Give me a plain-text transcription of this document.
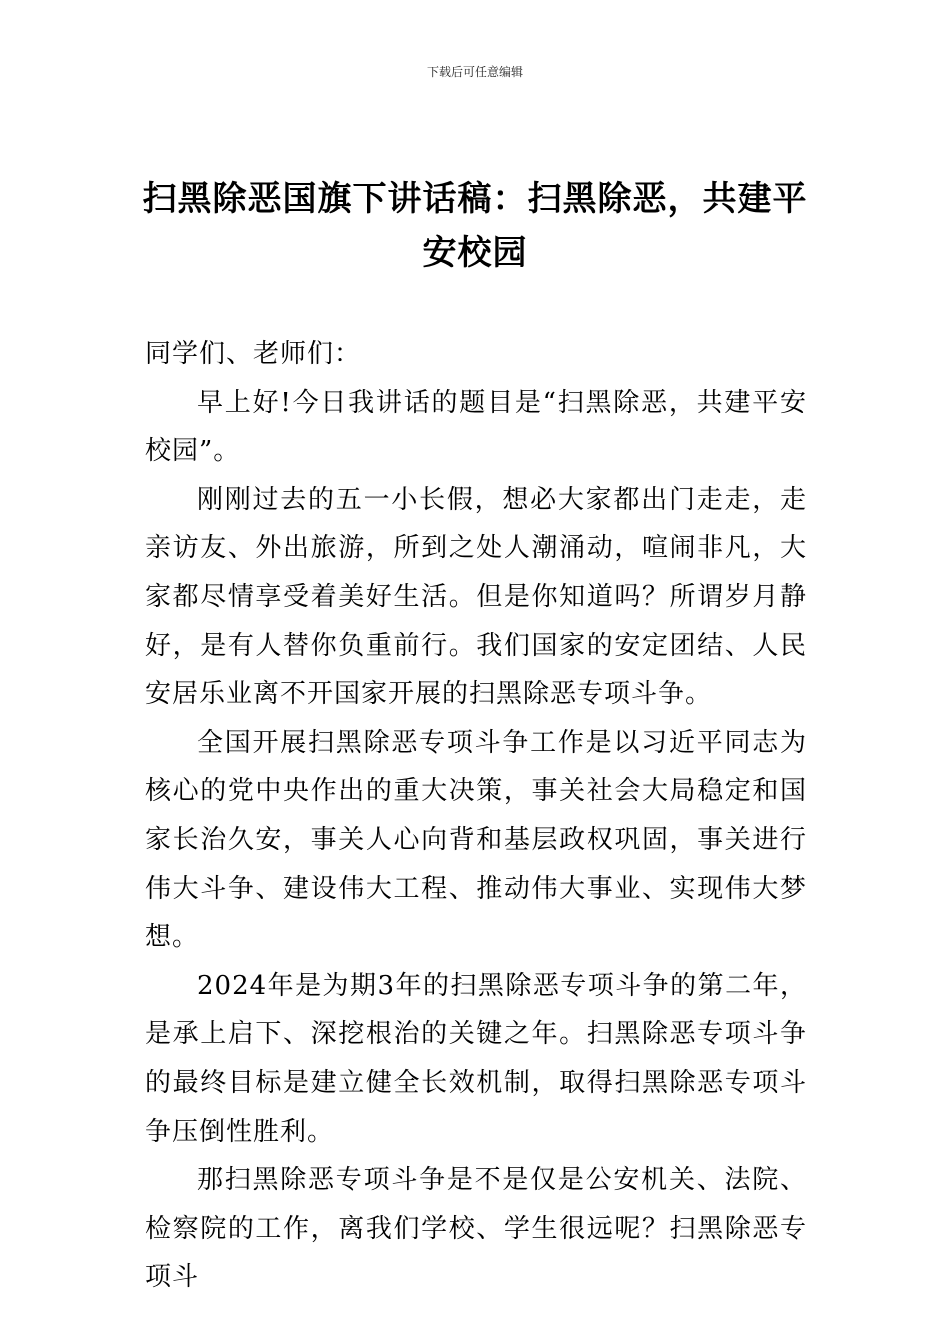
下载后可任意编辑
扫黑除恶国旗下讲话稿：扫黑除恶，共建平安校园

同学们、老师们：

早上好!今日我讲话的题目是“扫黑除恶，共建平安校园”。

刚刚过去的五一小长假，想必大家都出门走走，走亲访友、外出旅游，所到之处人潮涌动，喧闹非凡，大家都尽情享受着美好生活。但是你知道吗？所谓岁月静好，是有人替你负重前行。我们国家的安定团结、人民安居乐业离不开国家开展的扫黑除恶专项斗争。

全国开展扫黑除恶专项斗争工作是以习近平同志为核心的党中央作出的重大决策，事关社会大局稳定和国家长治久安，事关人心向背和基层政权巩固，事关进行伟大斗争、建设伟大工程、推动伟大事业、实现伟大梦想。

2024年是为期3年的扫黑除恶专项斗争的第二年，是承上启下、深挖根治的关键之年。扫黑除恶专项斗争的最终目标是建立健全长效机制，取得扫黑除恶专项斗争压倒性胜利。

那扫黑除恶专项斗争是不是仅是公安机关、法院、检察院的工作，离我们学校、学生很远呢？扫黑除恶专项斗
